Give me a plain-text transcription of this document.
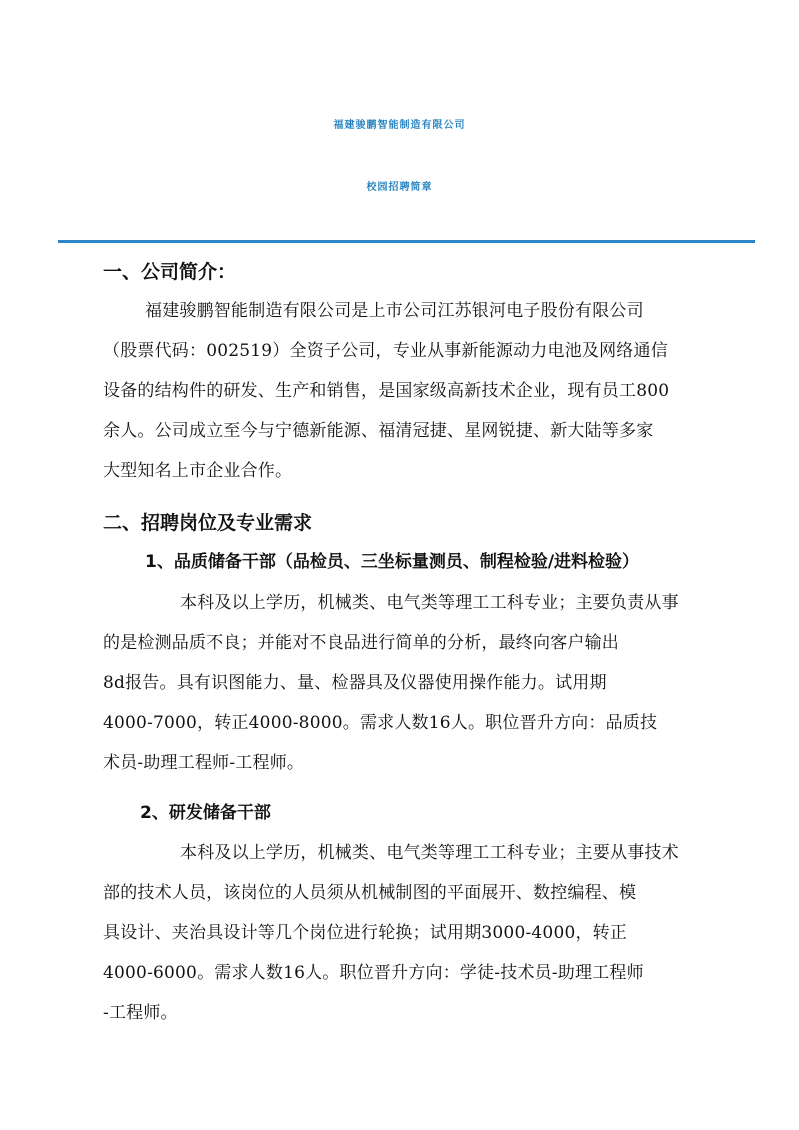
福建骏鹏智能制造有限公司
校园招聘简章
一、公司简介：
福建骏鹏智能制造有限公司是上市公司江苏银河电子股份有限公司
（股票代码：002519）全资子公司，专业从事新能源动力电池及网络通信
设备的结构件的研发、生产和销售，是国家级高新技术企业，现有员工800
余人。公司成立至今与宁德新能源、福清冠捷、星网锐捷、新大陆等多家
大型知名上市企业合作。
二、招聘岗位及专业需求
1、品质储备干部（品检员、三坐标量测员、制程检验/进料检验）
本科及以上学历，机械类、电气类等理工工科专业；主要负责从事
的是检测品质不良；并能对不良品进行简单的分析，最终向客户输出
8d报告。具有识图能力、量、检器具及仪器使用操作能力。试用期
4000-7000，转正4000-8000。需求人数16人。职位晋升方向：品质技
术员-助理工程师-工程师。
2、研发储备干部
本科及以上学历，机械类、电气类等理工工科专业；主要从事技术
部的技术人员，该岗位的人员须从机械制图的平面展开、数控编程、模
具设计、夹治具设计等几个岗位进行轮换；试用期3000-4000，转正
4000-6000。需求人数16人。职位晋升方向：学徒-技术员-助理工程师
-工程师。
